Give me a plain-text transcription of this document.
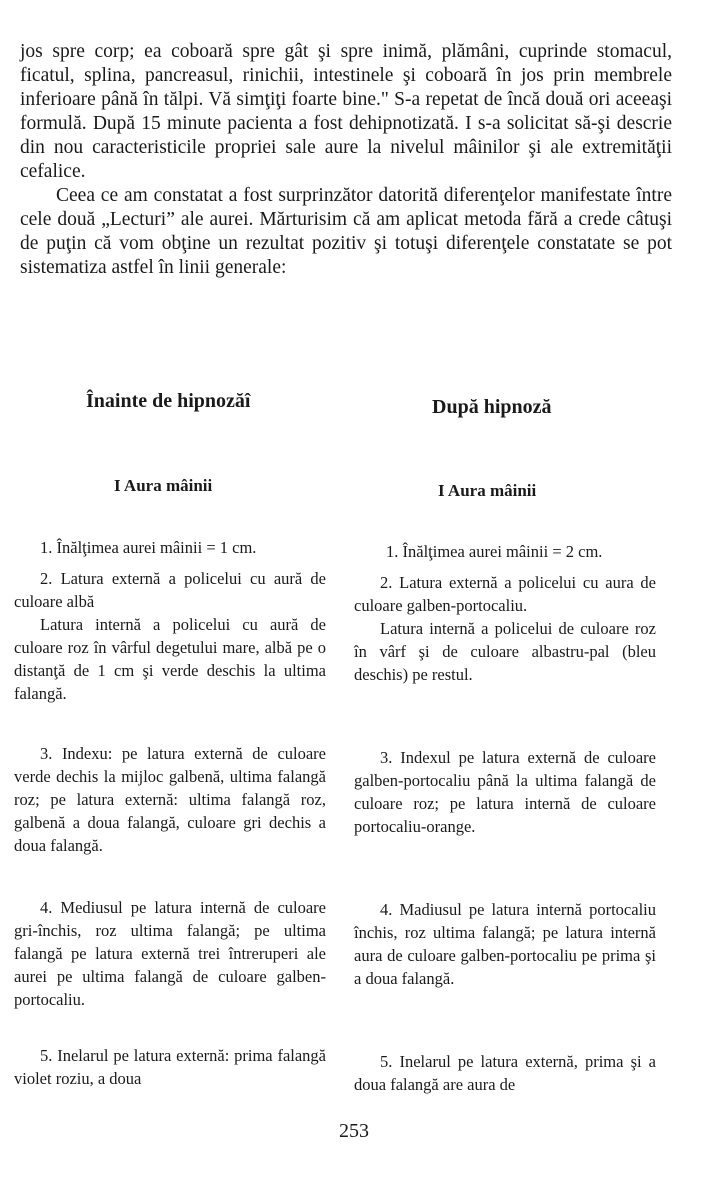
jos spre corp; ea coboară spre gât şi spre inimă, plămâni, cuprinde stomacul, ficatul, splina, pancreasul, rinichii, intestinele şi coboară în jos prin membrele inferioare până în tălpi. Vă simţiţi foarte bine." S-a repetat de încă două ori aceeaşi formulă. După 15 minute pacienta a fost dehipnotizată. I s-a solicitat să-şi descrie din nou caracteristicile propriei sale aure la nivelul mâinilor şi ale extremităţii cefalice.

Ceea ce am constatat a fost surprinzător datorită diferenţelor manifestate între cele două „Lecturi” ale aurei. Mărturisim că am aplicat metoda fără a crede câtuşi de puţin că vom obţine un rezultat pozitiv şi totuşi diferenţele constatate se pot sistematiza astfel în linii generale:

Înainte de hipnozăî
I Aura mâinii

1. Înălţimea aurei mâinii = 1 cm.

2. Latura externă a policelui cu aură de culoare albă

Latura internă a policelui cu aură de culoare roz în vârful degetului mare, albă pe o distanţă de 1 cm şi verde deschis la ultima falangă.

3. Indexu: pe latura externă de culoare verde dechis la mijloc galbenă, ultima falangă roz; pe latura externă: ultima falangă roz, galbenă a doua falangă, culoare gri dechis a doua falangă.

4. Mediusul pe latura internă de culoare gri-închis, roz ultima falangă; pe ultima falangă pe latura externă trei întreruperi ale aurei pe ultima falangă de culoare galben-portocaliu.

5. Inelarul pe latura externă: prima falangă violet roziu, a doua

După hipnoză
I Aura mâinii

1. Înălţimea aurei mâinii = 2 cm.

2. Latura externă a policelui cu aura de culoare galben-portocaliu.

Latura internă a policelui de culoare roz în vârf şi de culoare albastru-pal (bleu deschis) pe restul.

3. Indexul pe latura externă de culoare galben-portocaliu până la ultima falangă de culoare roz; pe latura internă de culoare portocaliu-orange.

4. Madiusul pe latura internă portocaliu închis, roz ultima falangă; pe latura internă aura de culoare galben-portocaliu pe prima şi a doua falangă.

5. Inelarul pe latura externă, prima şi a doua falangă are aura de

253
